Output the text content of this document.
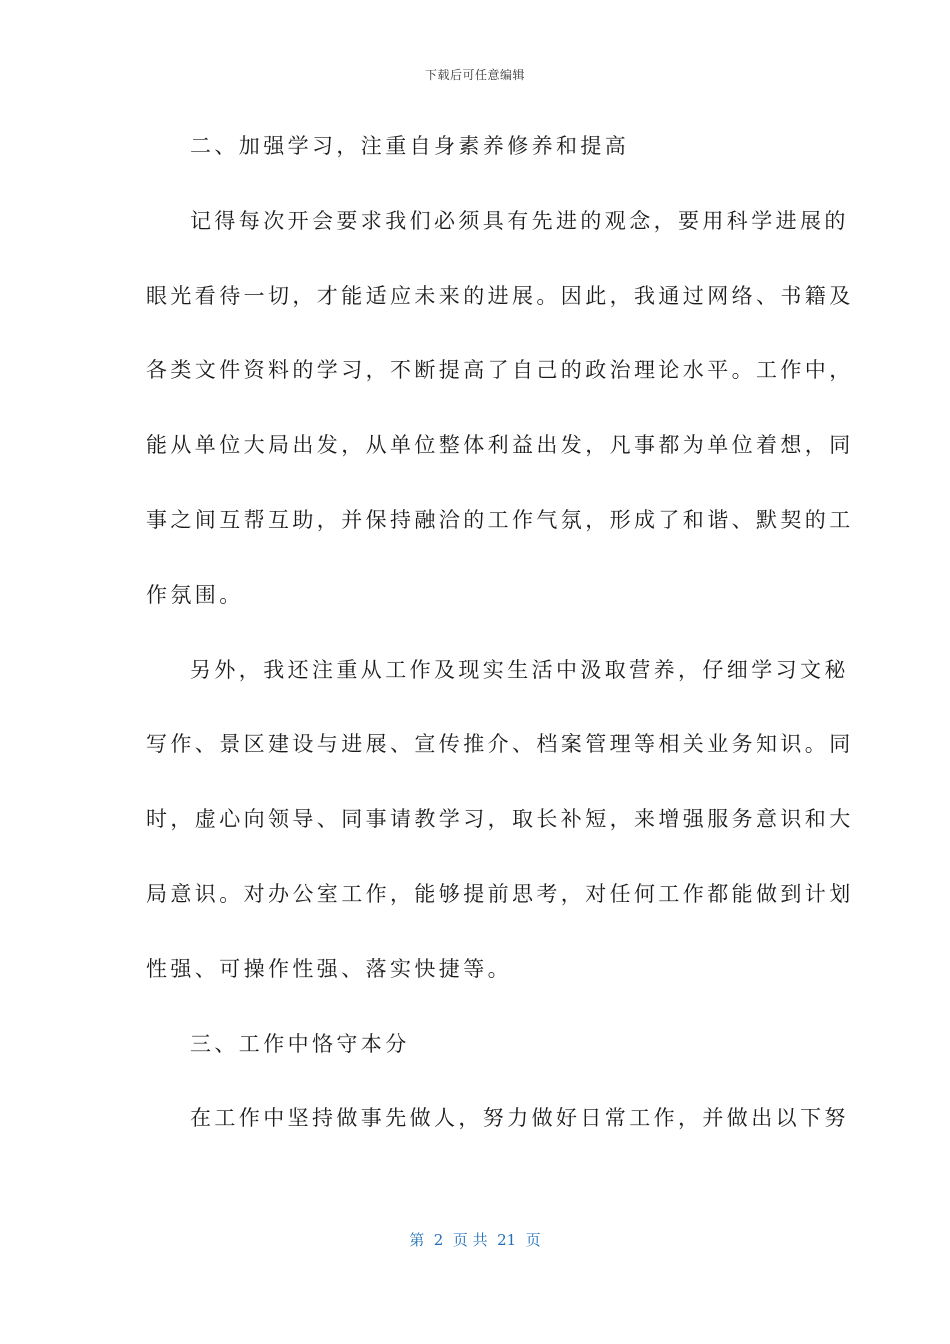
下载后可任意编辑
二、加强学习，注重自身素养修养和提高
记得每次开会要求我们必须具有先进的观念，要用科学进展的
眼光看待一切，才能适应未来的进展。因此，我通过网络、书籍及
各类文件资料的学习，不断提高了自己的政治理论水平。工作中，
能从单位大局出发，从单位整体利益出发，凡事都为单位着想，同
事之间互帮互助，并保持融洽的工作气氛，形成了和谐、默契的工
作氛围。
另外，我还注重从工作及现实生活中汲取营养，仔细学习文秘
写作、景区建设与进展、宣传推介、档案管理等相关业务知识。同
时，虚心向领导、同事请教学习，取长补短，来增强服务意识和大
局意识。对办公室工作，能够提前思考，对任何工作都能做到计划
性强、可操作性强、落实快捷等。
三、工作中恪守本分
在工作中坚持做事先做人，努力做好日常工作，并做出以下努
第  2  页 共  21  页
